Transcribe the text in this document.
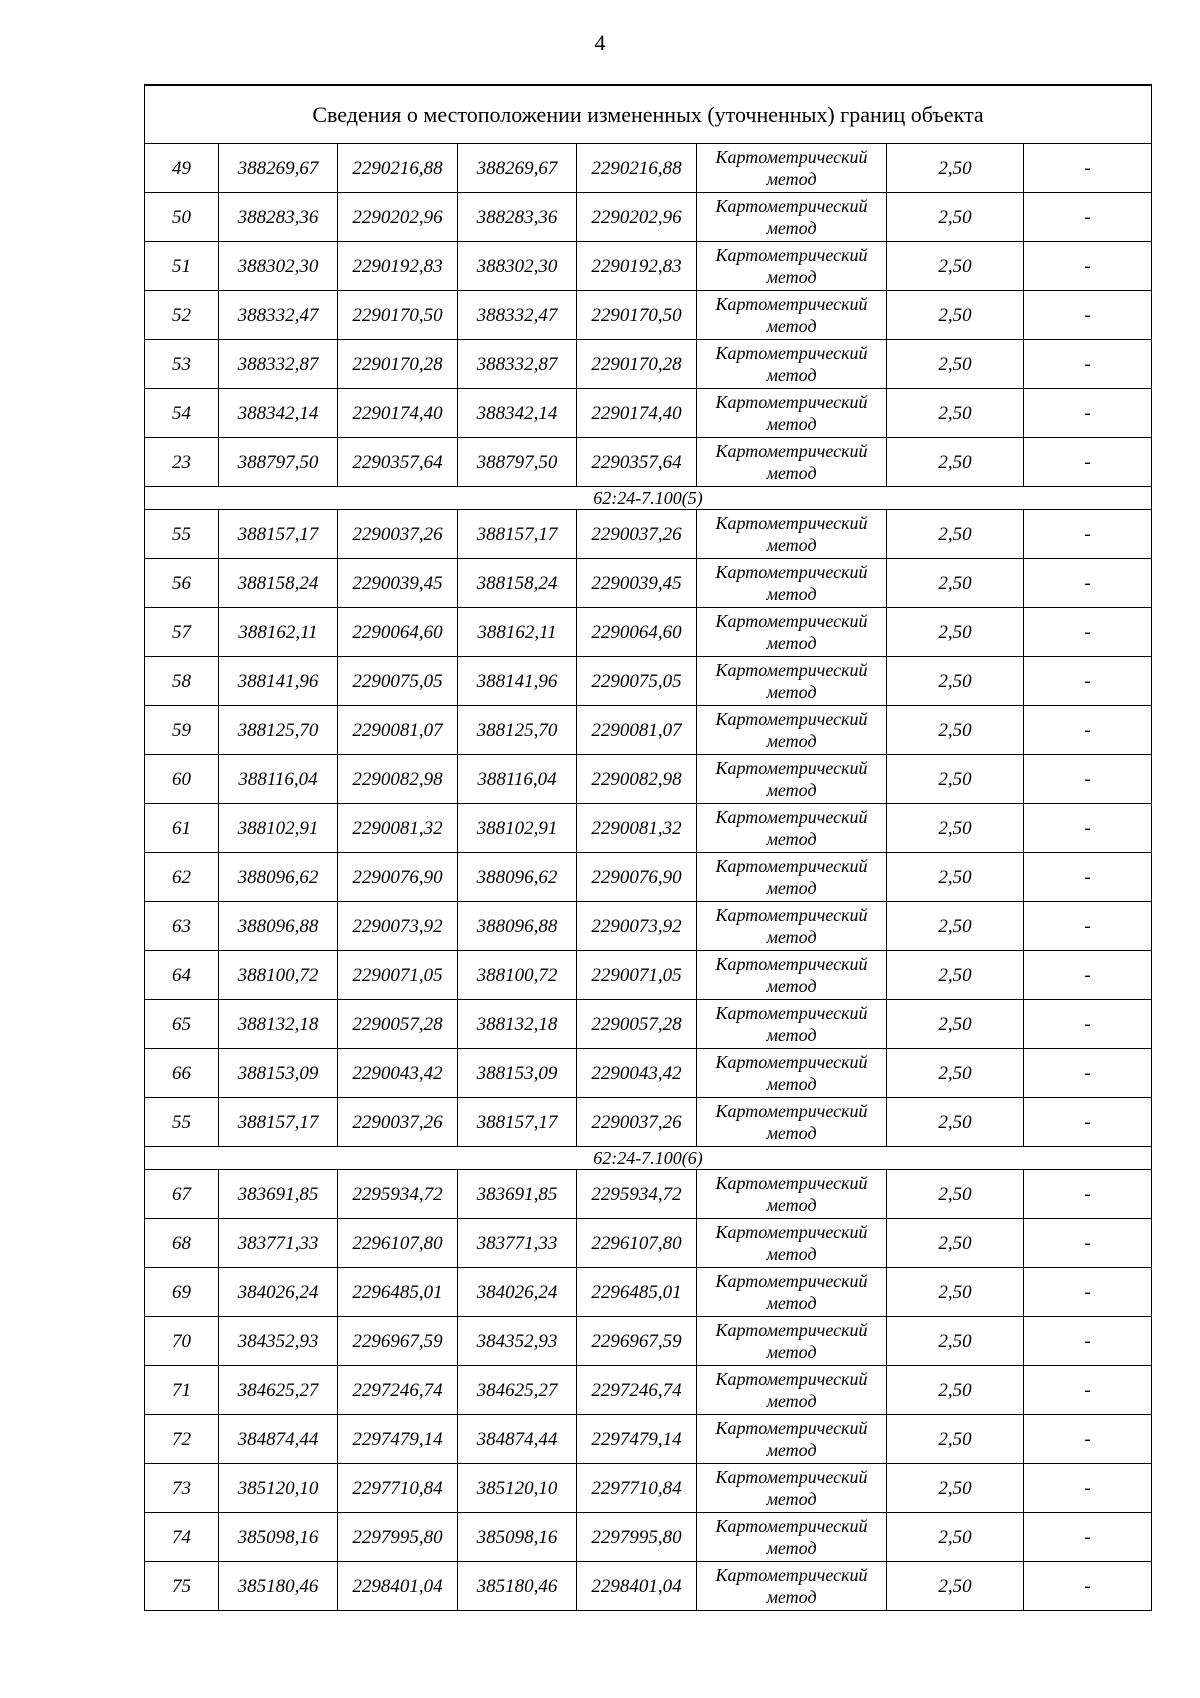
4
Сведения о местоположении измененных (уточненных) границ объекта							
49	388269,67	2290216,88	388269,67	2290216,88	Картометрический метод	2,50	-
50	388283,36	2290202,96	388283,36	2290202,96	Картометрический метод	2,50	-
51	388302,30	2290192,83	388302,30	2290192,83	Картометрический метод	2,50	-
52	388332,47	2290170,50	388332,47	2290170,50	Картометрический метод	2,50	-
53	388332,87	2290170,28	388332,87	2290170,28	Картометрический метод	2,50	-
54	388342,14	2290174,40	388342,14	2290174,40	Картометрический метод	2,50	-
23	388797,50	2290357,64	388797,50	2290357,64	Картометрический метод	2,50	-
62:24-7.100(5)							
55	388157,17	2290037,26	388157,17	2290037,26	Картометрический метод	2,50	-
56	388158,24	2290039,45	388158,24	2290039,45	Картометрический метод	2,50	-
57	388162,11	2290064,60	388162,11	2290064,60	Картометрический метод	2,50	-
58	388141,96	2290075,05	388141,96	2290075,05	Картометрический метод	2,50	-
59	388125,70	2290081,07	388125,70	2290081,07	Картометрический метод	2,50	-
60	388116,04	2290082,98	388116,04	2290082,98	Картометрический метод	2,50	-
61	388102,91	2290081,32	388102,91	2290081,32	Картометрический метод	2,50	-
62	388096,62	2290076,90	388096,62	2290076,90	Картометрический метод	2,50	-
63	388096,88	2290073,92	388096,88	2290073,92	Картометрический метод	2,50	-
64	388100,72	2290071,05	388100,72	2290071,05	Картометрический метод	2,50	-
65	388132,18	2290057,28	388132,18	2290057,28	Картометрический метод	2,50	-
66	388153,09	2290043,42	388153,09	2290043,42	Картометрический метод	2,50	-
55	388157,17	2290037,26	388157,17	2290037,26	Картометрический метод	2,50	-
62:24-7.100(6)							
67	383691,85	2295934,72	383691,85	2295934,72	Картометрический метод	2,50	-
68	383771,33	2296107,80	383771,33	2296107,80	Картометрический метод	2,50	-
69	384026,24	2296485,01	384026,24	2296485,01	Картометрический метод	2,50	-
70	384352,93	2296967,59	384352,93	2296967,59	Картометрический метод	2,50	-
71	384625,27	2297246,74	384625,27	2297246,74	Картометрический метод	2,50	-
72	384874,44	2297479,14	384874,44	2297479,14	Картометрический метод	2,50	-
73	385120,10	2297710,84	385120,10	2297710,84	Картометрический метод	2,50	-
74	385098,16	2297995,80	385098,16	2297995,80	Картометрический метод	2,50	-
75	385180,46	2298401,04	385180,46	2298401,04	Картометрический метод	2,50	-
